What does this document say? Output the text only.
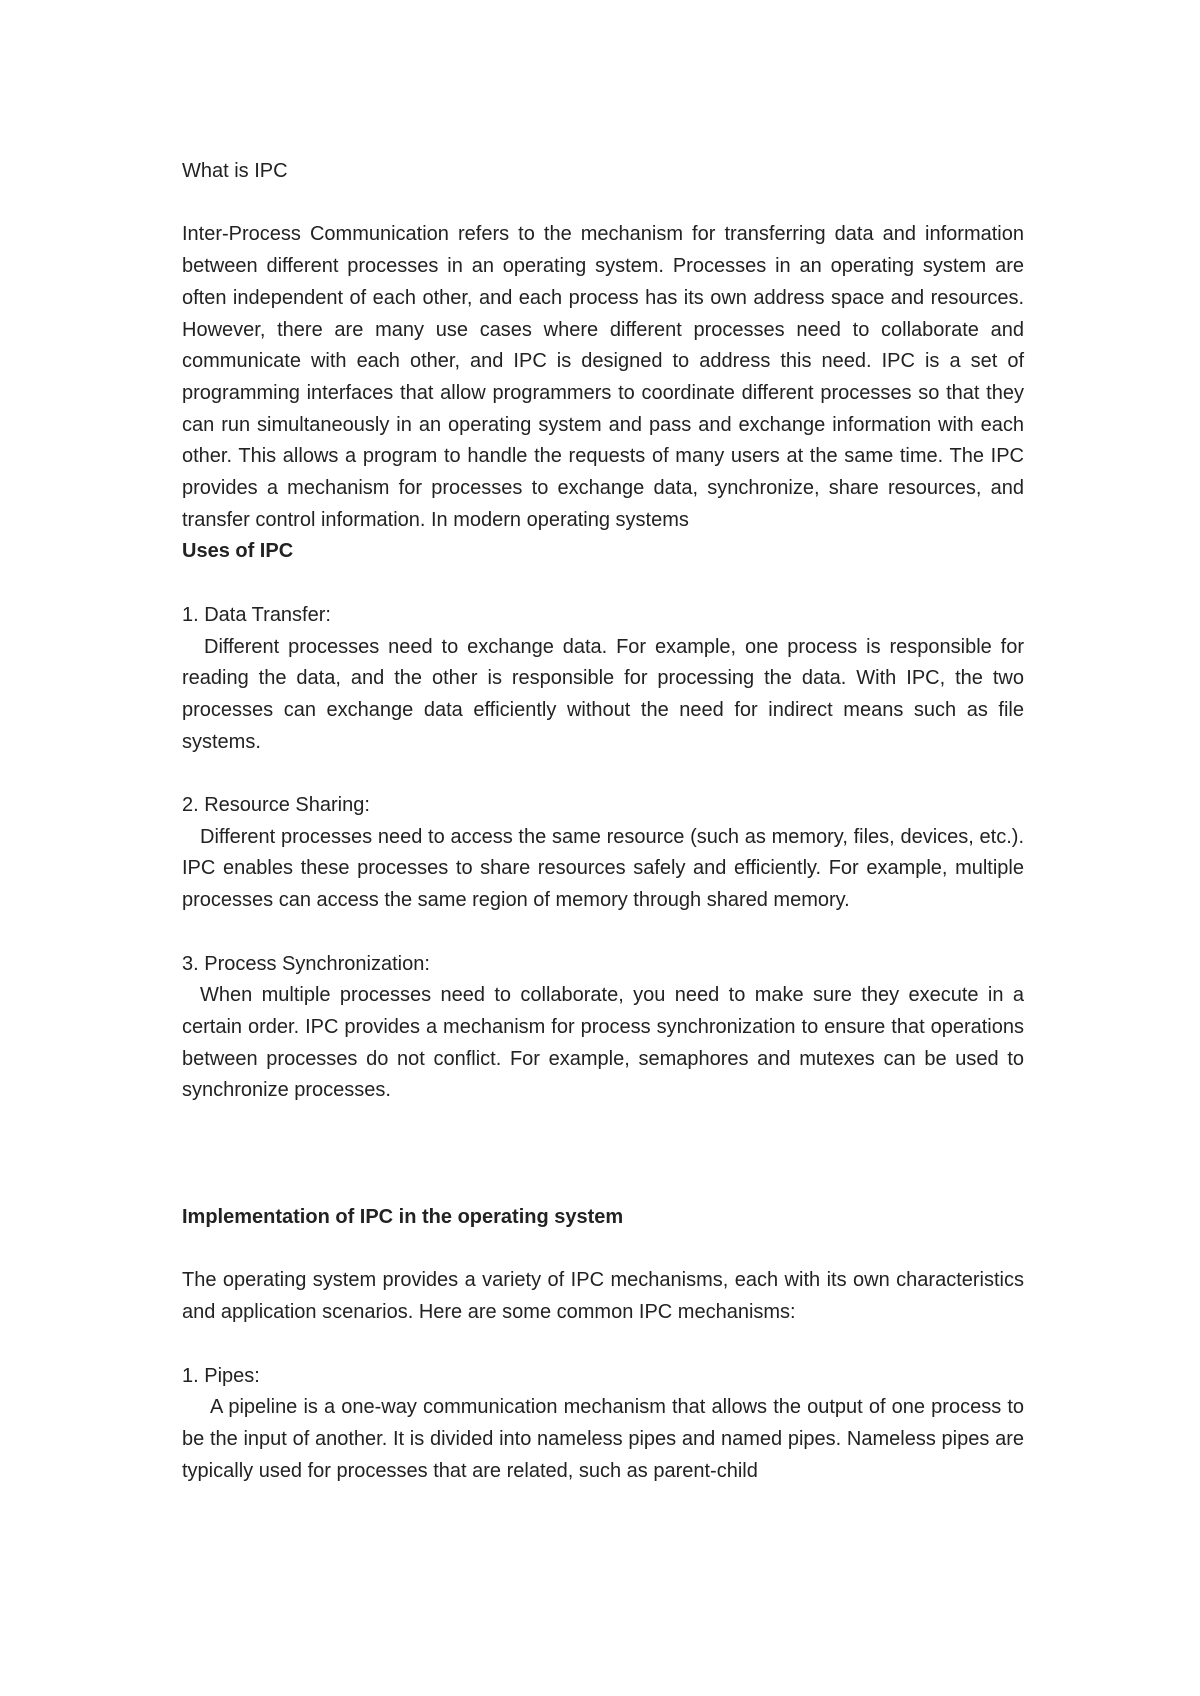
What is IPC

Inter-Process Communication refers to the mechanism for transferring data and information between different processes in an operating system. Processes in an operating system are often independent of each other, and each process has its own address space and resources. However, there are many use cases where different processes need to collaborate and communicate with each other, and IPC is designed to address this need. IPC is a set of programming interfaces that allow programmers to coordinate different processes so that they can run simultaneously in an operating system and pass and exchange information with each other. This allows a program to handle the requests of many users at the same time. The IPC provides a mechanism for processes to exchange data, synchronize, share resources, and transfer control information. In modern operating systems

Uses of IPC

1. Data Transfer:

Different processes need to exchange data. For example, one process is responsible for reading the data, and the other is responsible for processing the data. With IPC, the two processes can exchange data efficiently without the need for indirect means such as file systems.

2. Resource Sharing:

Different processes need to access the same resource (such as memory, files, devices, etc.). IPC enables these processes to share resources safely and efficiently. For example, multiple processes can access the same region of memory through shared memory.

3. Process Synchronization:

When multiple processes need to collaborate, you need to make sure they execute in a certain order. IPC provides a mechanism for process synchronization to ensure that operations between processes do not conflict. For example, semaphores and mutexes can be used to synchronize processes.

Implementation of IPC in the operating system

The operating system provides a variety of IPC mechanisms, each with its own characteristics and application scenarios. Here are some common IPC mechanisms:

1. Pipes:

A pipeline is a one-way communication mechanism that allows the output of one process to be the input of another. It is divided into nameless pipes and named pipes. Nameless pipes are typically used for processes that are related, such as parent-child
